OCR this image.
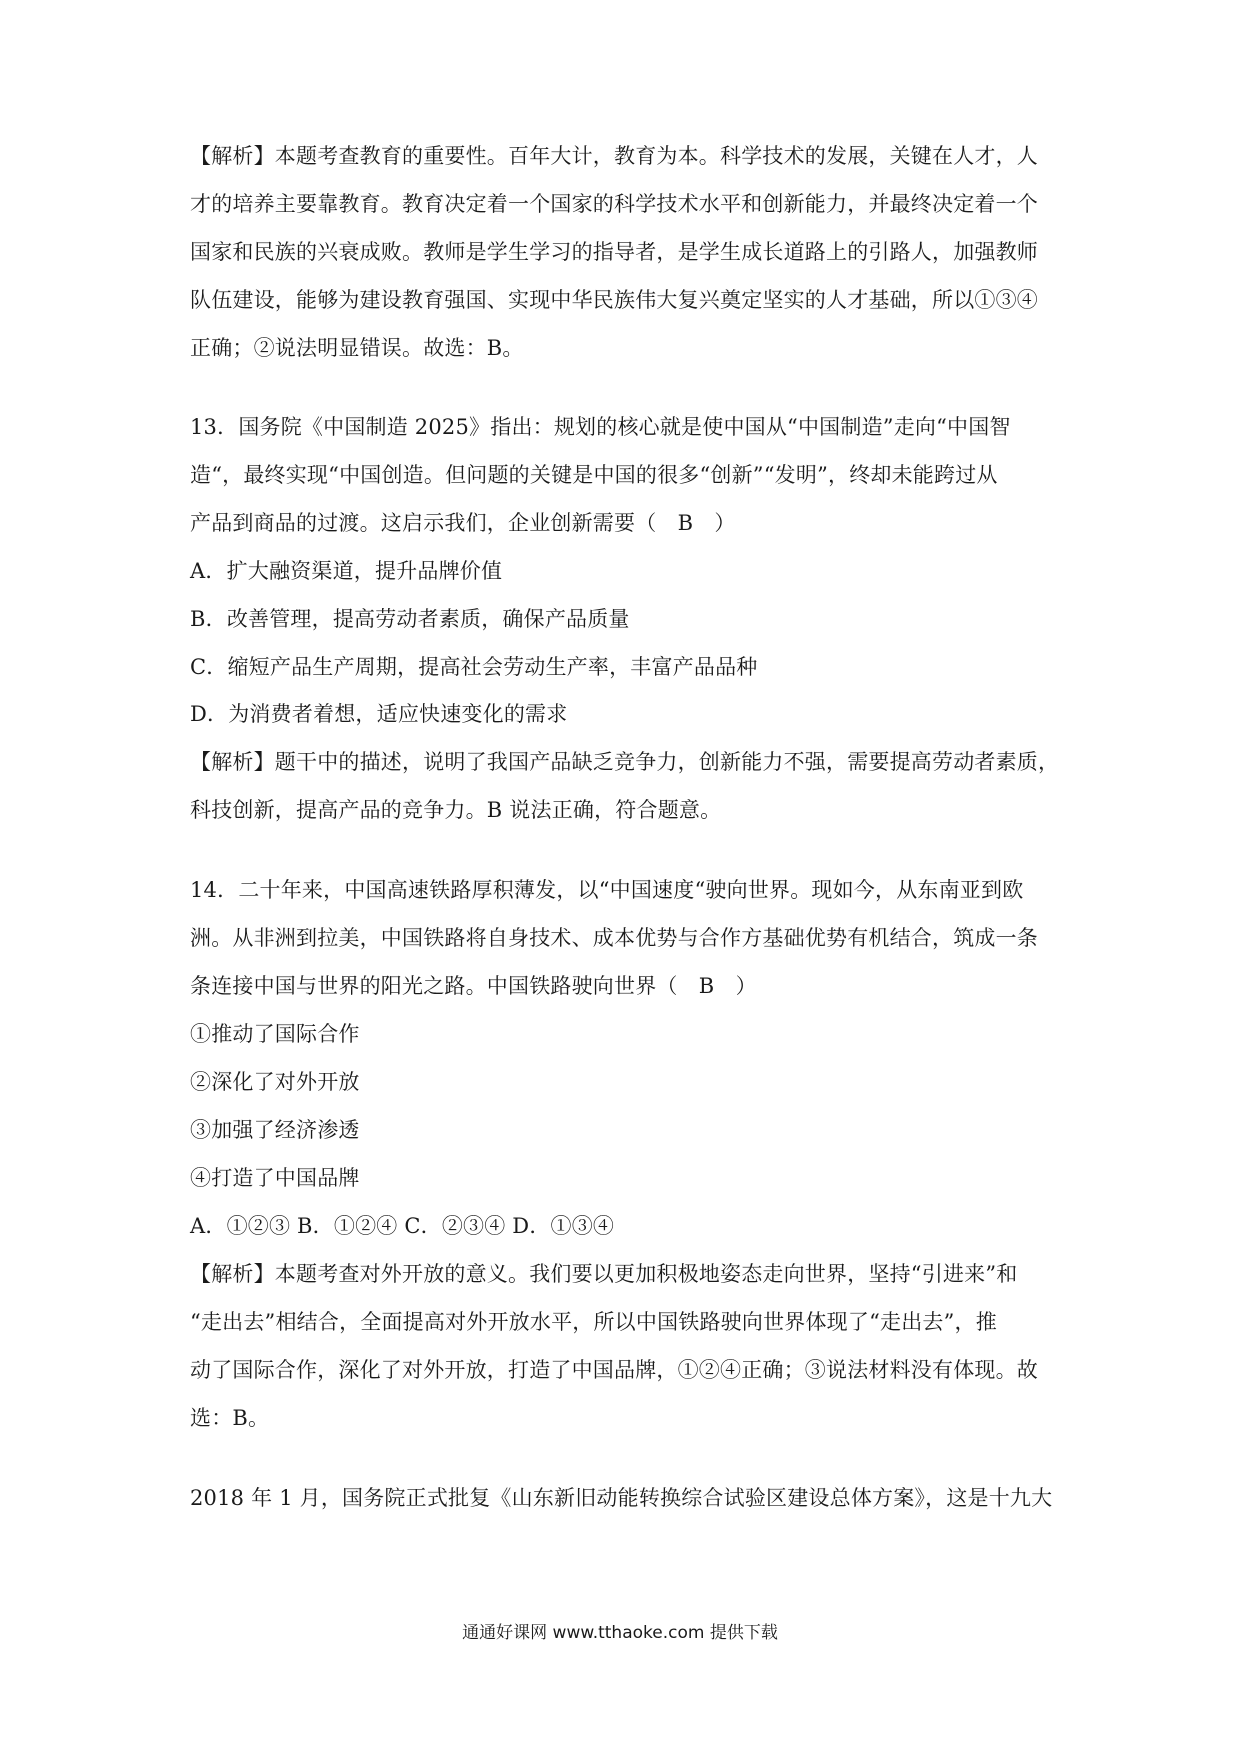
【解析】本题考查教育的重要性。百年大计，教育为本。科学技术的发展，关键在人才，人
才的培养主要靠教育。教育决定着一个国家的科学技术水平和创新能力，并最终决定着一个
国家和民族的兴衰成败。教师是学生学习的指导者，是学生成长道路上的引路人，加强教师
队伍建设，能够为建设教育强国、实现中华民族伟大复兴奠定坚实的人才基础，所以①③④
正确；②说法明显错误。故选：B。
13．国务院《中国制造 2025》指出：规划的核心就是使中国从“中国制造”走向“中国智
造“，最终实现“中国创造。但问题的关键是中国的很多“创新”“发明”，终却未能跨过从
产品到商品的过渡。这启示我们，企业创新需要（　B　）
A．扩大融资渠道，提升品牌价值
B．改善管理，提高劳动者素质，确保产品质量
C．缩短产品生产周期，提高社会劳动生产率，丰富产品品种
D．为消费者着想，适应快速变化的需求
【解析】题干中的描述，说明了我国产品缺乏竞争力，创新能力不强，需要提高劳动者素质，
科技创新，提高产品的竞争力。B 说法正确，符合题意。
14．二十年来，中国高速铁路厚积薄发，以“中国速度“驶向世界。现如今，从东南亚到欧
洲。从非洲到拉美，中国铁路将自身技术、成本优势与合作方基础优势有机结合，筑成一条
条连接中国与世界的阳光之路。中国铁路驶向世界（　B　）
①推动了国际合作
②深化了对外开放
③加强了经济渗透
④打造了中国品牌
A．①②③ B．①②④ C．②③④ D．①③④
【解析】本题考查对外开放的意义。我们要以更加积极地姿态走向世界，坚持“引进来”和
“走出去”相结合，全面提高对外开放水平，所以中国铁路驶向世界体现了“走出去”，推
动了国际合作，深化了对外开放，打造了中国品牌，①②④正确；③说法材料没有体现。故
选：B。
2018 年 1 月，国务院正式批复《山东新旧动能转换综合试验区建设总体方案》，这是十九大
通通好课网 www.tthaoke.com 提供下载
